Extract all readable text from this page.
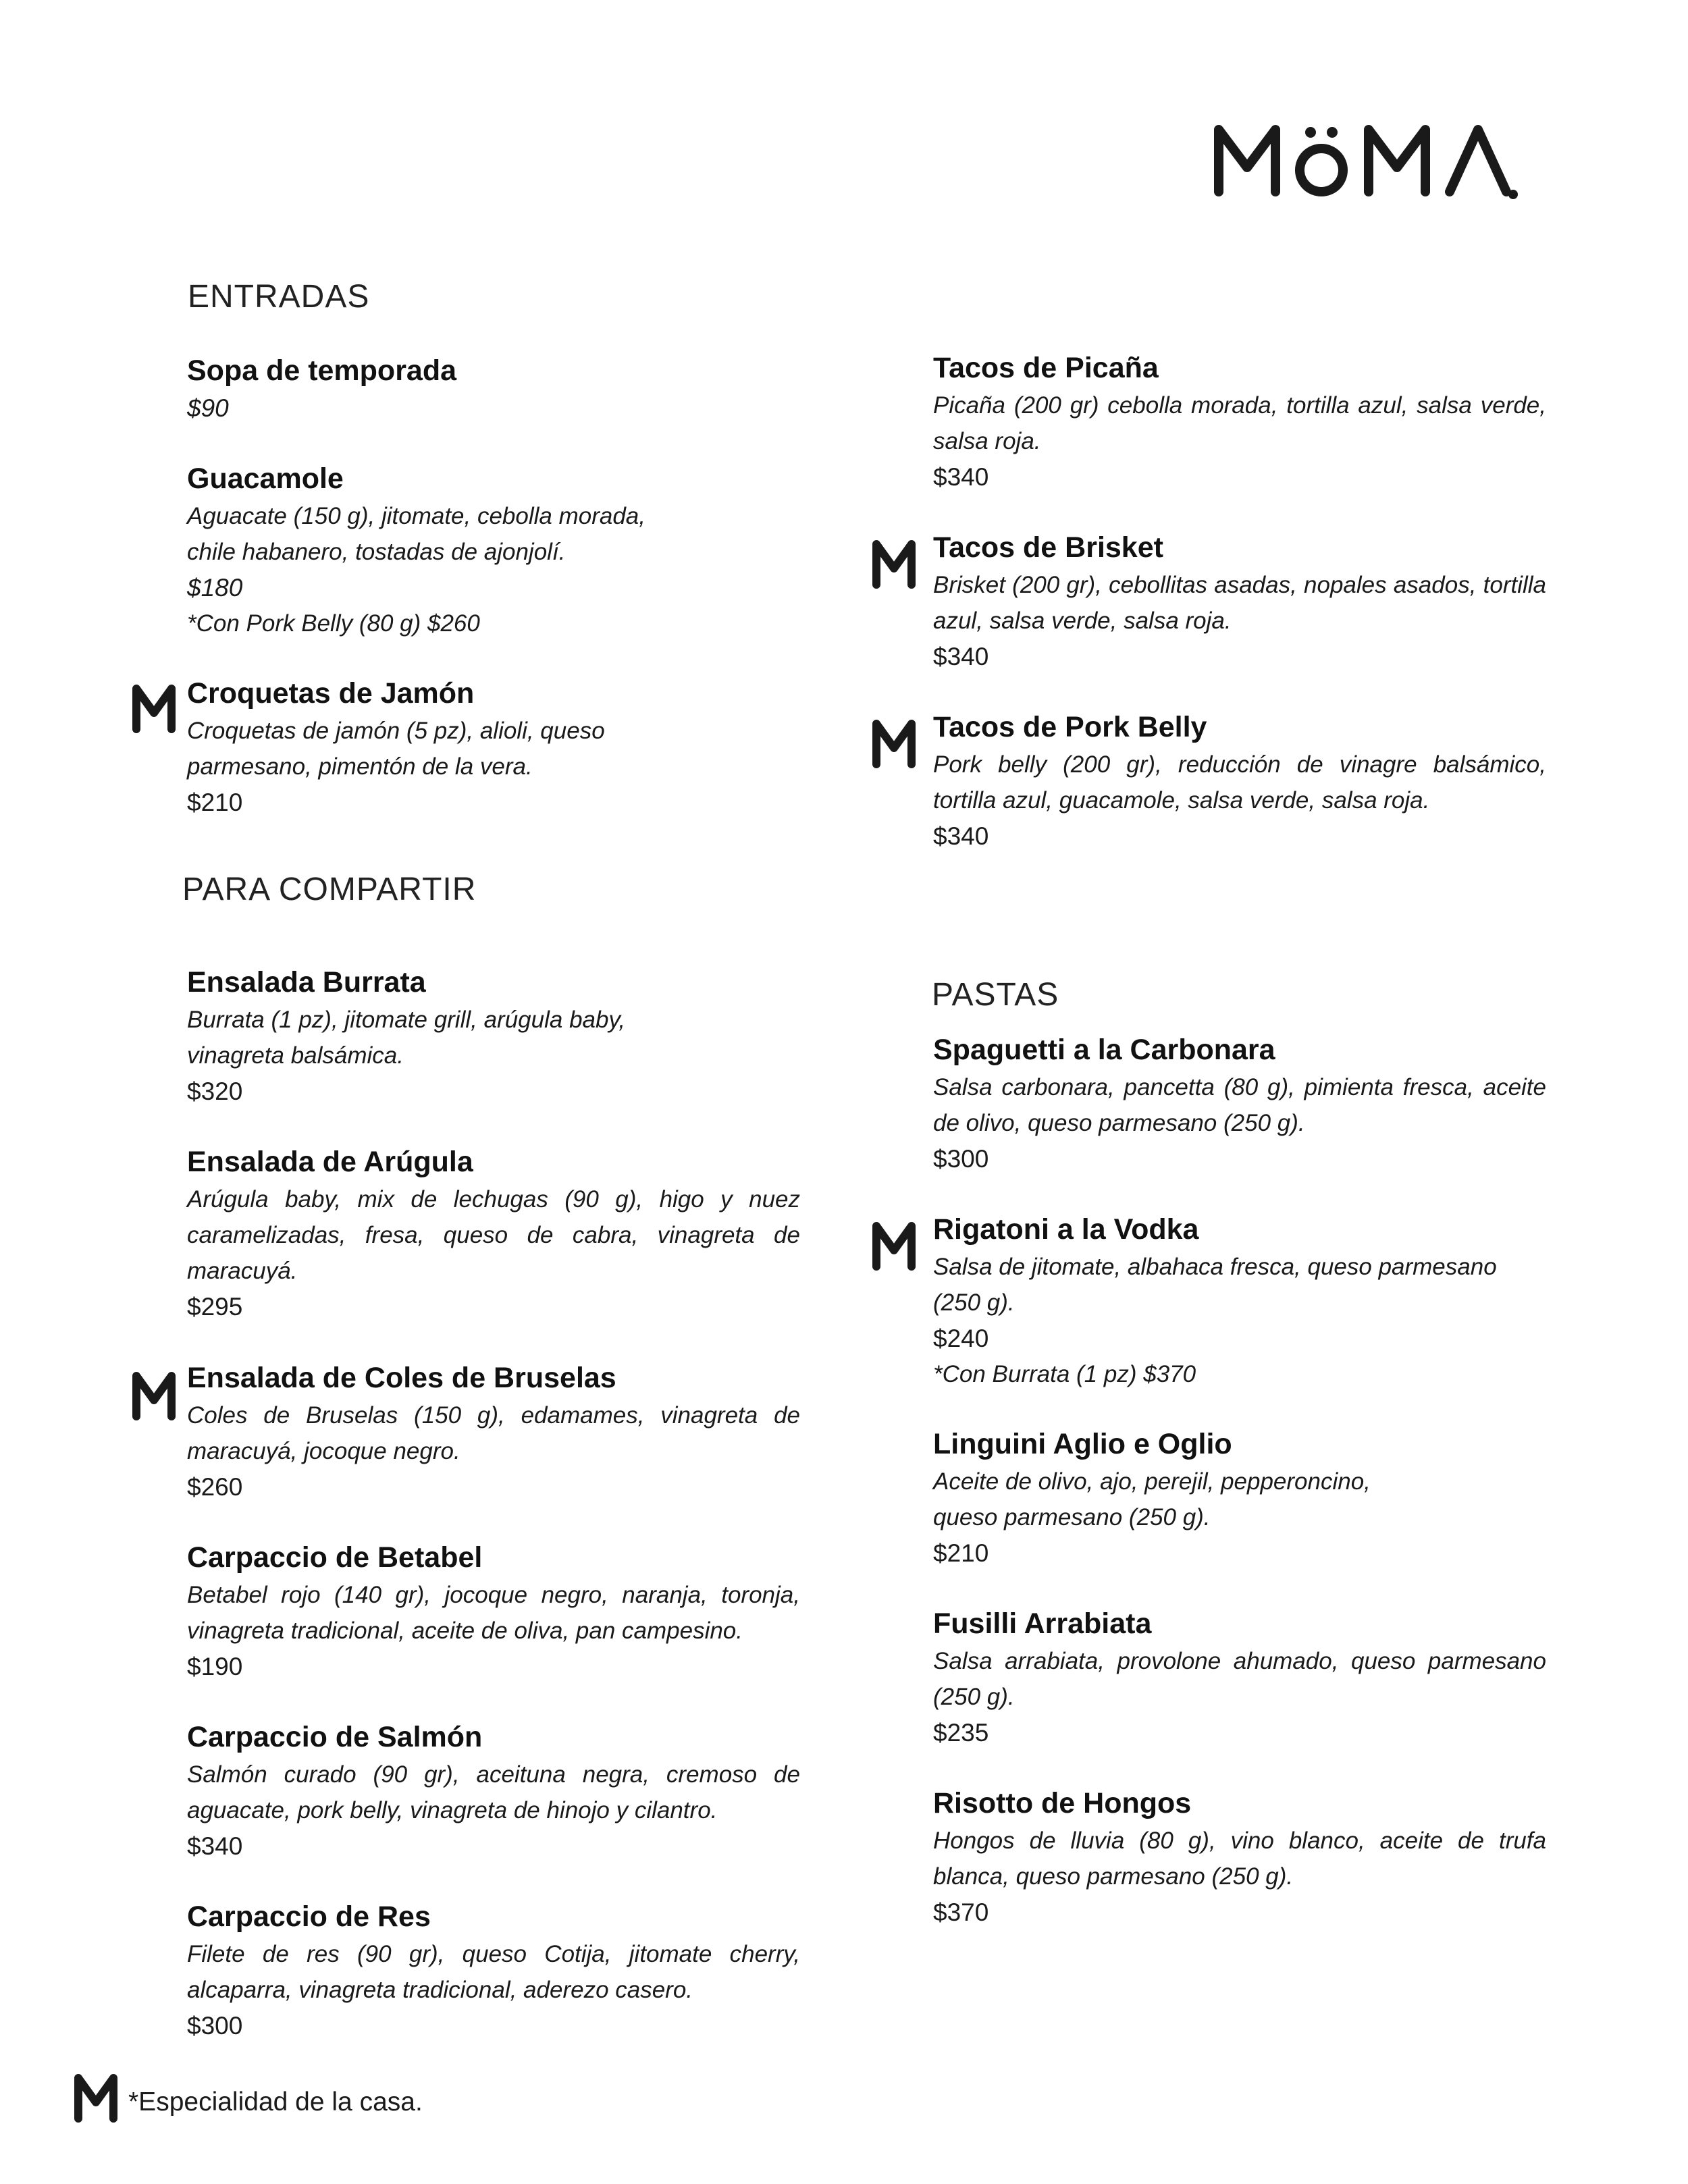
ENTRADAS
PARA COMPARTIR
PASTAS

Sopa de temporada

$90

Guacamole

Aguacate (150 g), jitomate, cebolla morada, chile habanero, tostadas de ajonjolí.

$180

*Con Pork Belly (80 g) $260

Croquetas de Jamón

Croquetas de jamón (5 pz), alioli, queso parmesano, pimentón de la vera.

$210

Ensalada Burrata

Burrata (1 pz), jitomate grill, arúgula baby, vinagreta balsámica.

$320

Ensalada de Arúgula

Arúgula baby, mix de lechugas (90 g), higo y nuez caramelizadas, fresa, queso de cabra, vinagreta de maracuyá.

$295

Ensalada de Coles de Bruselas

Coles de Bruselas (150 g), edamames, vinagreta de maracuyá, jocoque negro.

$260

Carpaccio de Betabel

Betabel rojo (140 gr), jocoque negro, naranja, toronja, vinagreta tradicional, aceite de oliva, pan campesino.

$190

Carpaccio de Salmón

Salmón curado (90 gr), aceituna negra, cremoso de aguacate, pork belly, vinagreta de hinojo y cilantro.

$340

Carpaccio de Res

Filete de res (90 gr), queso Cotija, jitomate cherry, alcaparra, vinagreta tradicional, aderezo casero.

$300

Tacos de Picaña

Picaña (200 gr) cebolla morada, tortilla azul, salsa verde, salsa roja.

$340

Tacos de Brisket

Brisket (200 gr), cebollitas asadas, nopales asados, tortilla azul, salsa verde, salsa roja.

$340

Tacos de Pork Belly

Pork belly (200 gr), reducción de vinagre balsámico, tortilla azul, guacamole, salsa verde, salsa roja.

$340

Spaguetti a la Carbonara

Salsa carbonara, pancetta (80 g), pimienta fresca, aceite de olivo, queso parmesano (250 g).

$300

Rigatoni a la Vodka

Salsa de jitomate, albahaca fresca, queso parmesano (250 g).

$240

*Con Burrata (1 pz) $370

Linguini Aglio e Oglio

Aceite de olivo, ajo, perejil, pepperoncino, queso parmesano (250 g).

$210

Fusilli Arrabiata

Salsa arrabiata, provolone ahumado, queso parmesano (250 g).

$235

Risotto de Hongos

Hongos de lluvia (80 g), vino blanco, aceite de trufa blanca, queso parmesano (250 g).

$370

*Especialidad de la casa.
